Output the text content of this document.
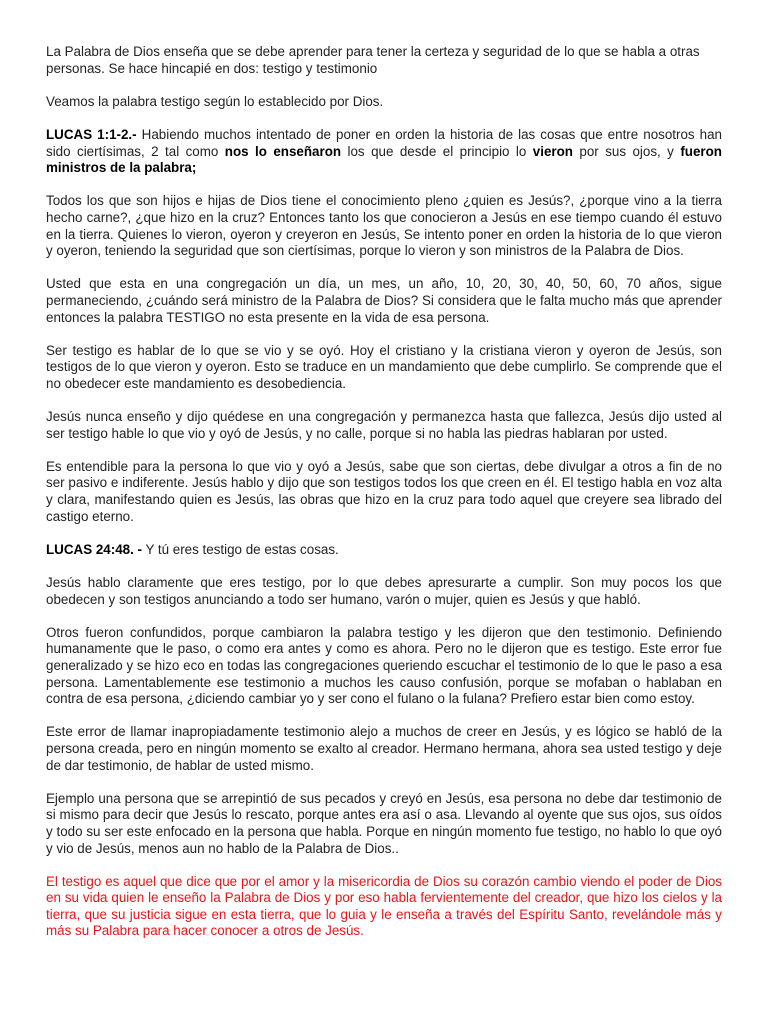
La Palabra de Dios enseña que se debe aprender para tener la certeza y seguridad de lo que se habla a otras personas. Se hace hincapié en dos: testigo y testimonio

Veamos la palabra testigo según lo establecido por Dios.

LUCAS 1:1-2.- Habiendo muchos intentado de poner en orden la historia de las cosas que entre nosotros han sido ciertísimas, 2 tal como nos lo enseñaron los que desde el principio lo vieron por sus ojos, y fueron ministros de la palabra;

Todos los que son hijos e hijas de Dios tiene el conocimiento pleno ¿quien es Jesús?, ¿porque vino a la tierra hecho carne?, ¿que hizo en la cruz? Entonces tanto los que conocieron a Jesús en ese tiempo cuando él estuvo en la tierra. Quienes lo vieron, oyeron y creyeron en Jesús, Se intento poner en orden la historia de lo que vieron y oyeron, teniendo la seguridad que son ciertísimas, porque lo vieron y son ministros de la Palabra de Dios.

Usted que esta en una congregación un día, un mes, un año, 10, 20, 30, 40, 50, 60, 70 años, sigue permaneciendo, ¿cuándo será ministro de la Palabra de Dios? Si considera que le falta mucho más que aprender entonces la palabra TESTIGO no esta presente en la vida de esa persona.

Ser testigo es hablar de lo que se vio y se oyó. Hoy el cristiano y la cristiana vieron y oyeron de Jesús, son testigos de lo que vieron y oyeron. Esto se traduce en un mandamiento que debe cumplirlo. Se comprende que el no obedecer este mandamiento es desobediencia.

Jesús nunca enseño y dijo quédese en una congregación y permanezca hasta que fallezca, Jesús dijo usted al ser testigo hable lo que vio y oyó de Jesús, y no calle, porque si no habla las piedras hablaran por usted.

Es entendible para la persona lo que vio y oyó a Jesús, sabe que son ciertas, debe divulgar a otros a fin de no ser pasivo e indiferente. Jesús hablo y dijo que son testigos todos los que creen en él. El testigo habla en voz alta y clara, manifestando quien es Jesús, las obras que hizo en la cruz para todo aquel que creyere sea librado del castigo eterno.

LUCAS 24:48. - Y tú eres testigo de estas cosas.

Jesús hablo claramente que eres testigo, por lo que debes apresurarte a cumplir. Son muy pocos los que obedecen y son testigos anunciando a todo ser humano, varón o mujer, quien es Jesús y que habló.

Otros fueron confundidos, porque cambiaron la palabra testigo y les dijeron que den testimonio. Definiendo humanamente que le paso, o como era antes y como es ahora. Pero no le dijeron que es testigo. Este error fue generalizado y se hizo eco en todas las congregaciones queriendo escuchar el testimonio de lo que le paso a esa persona. Lamentablemente ese testimonio a muchos les causo confusión, porque se mofaban o hablaban en contra de esa persona, ¿diciendo cambiar yo y ser cono el fulano o la fulana? Prefiero estar bien como estoy.

Este error de llamar inapropiadamente testimonio alejo a muchos de creer en Jesús, y es lógico se habló de la persona creada, pero en ningún momento se exalto al creador. Hermano hermana, ahora sea usted testigo y deje de dar testimonio, de hablar de usted mismo.

Ejemplo una persona que se arrepintió de sus pecados y creyó en Jesús, esa persona no debe dar testimonio de si mismo para decir que Jesús lo rescato, porque antes era así o asa. Llevando al oyente que sus ojos, sus oídos y todo su ser este enfocado en la persona que habla. Porque en ningún momento fue testigo, no hablo lo que oyó y vio de Jesús, menos aun no hablo de la Palabra de Dios..

El testigo es aquel que dice que por el amor y la misericordia de Dios su corazón cambio viendo el poder de Dios en su vida quien le enseño la Palabra de Dios y por eso habla fervientemente del creador, que hizo los cielos y la tierra, que su justicia sigue en esta tierra, que lo guia y le enseña a través del Espíritu Santo, revelándole más y más su Palabra para hacer conocer a otros de Jesús.
